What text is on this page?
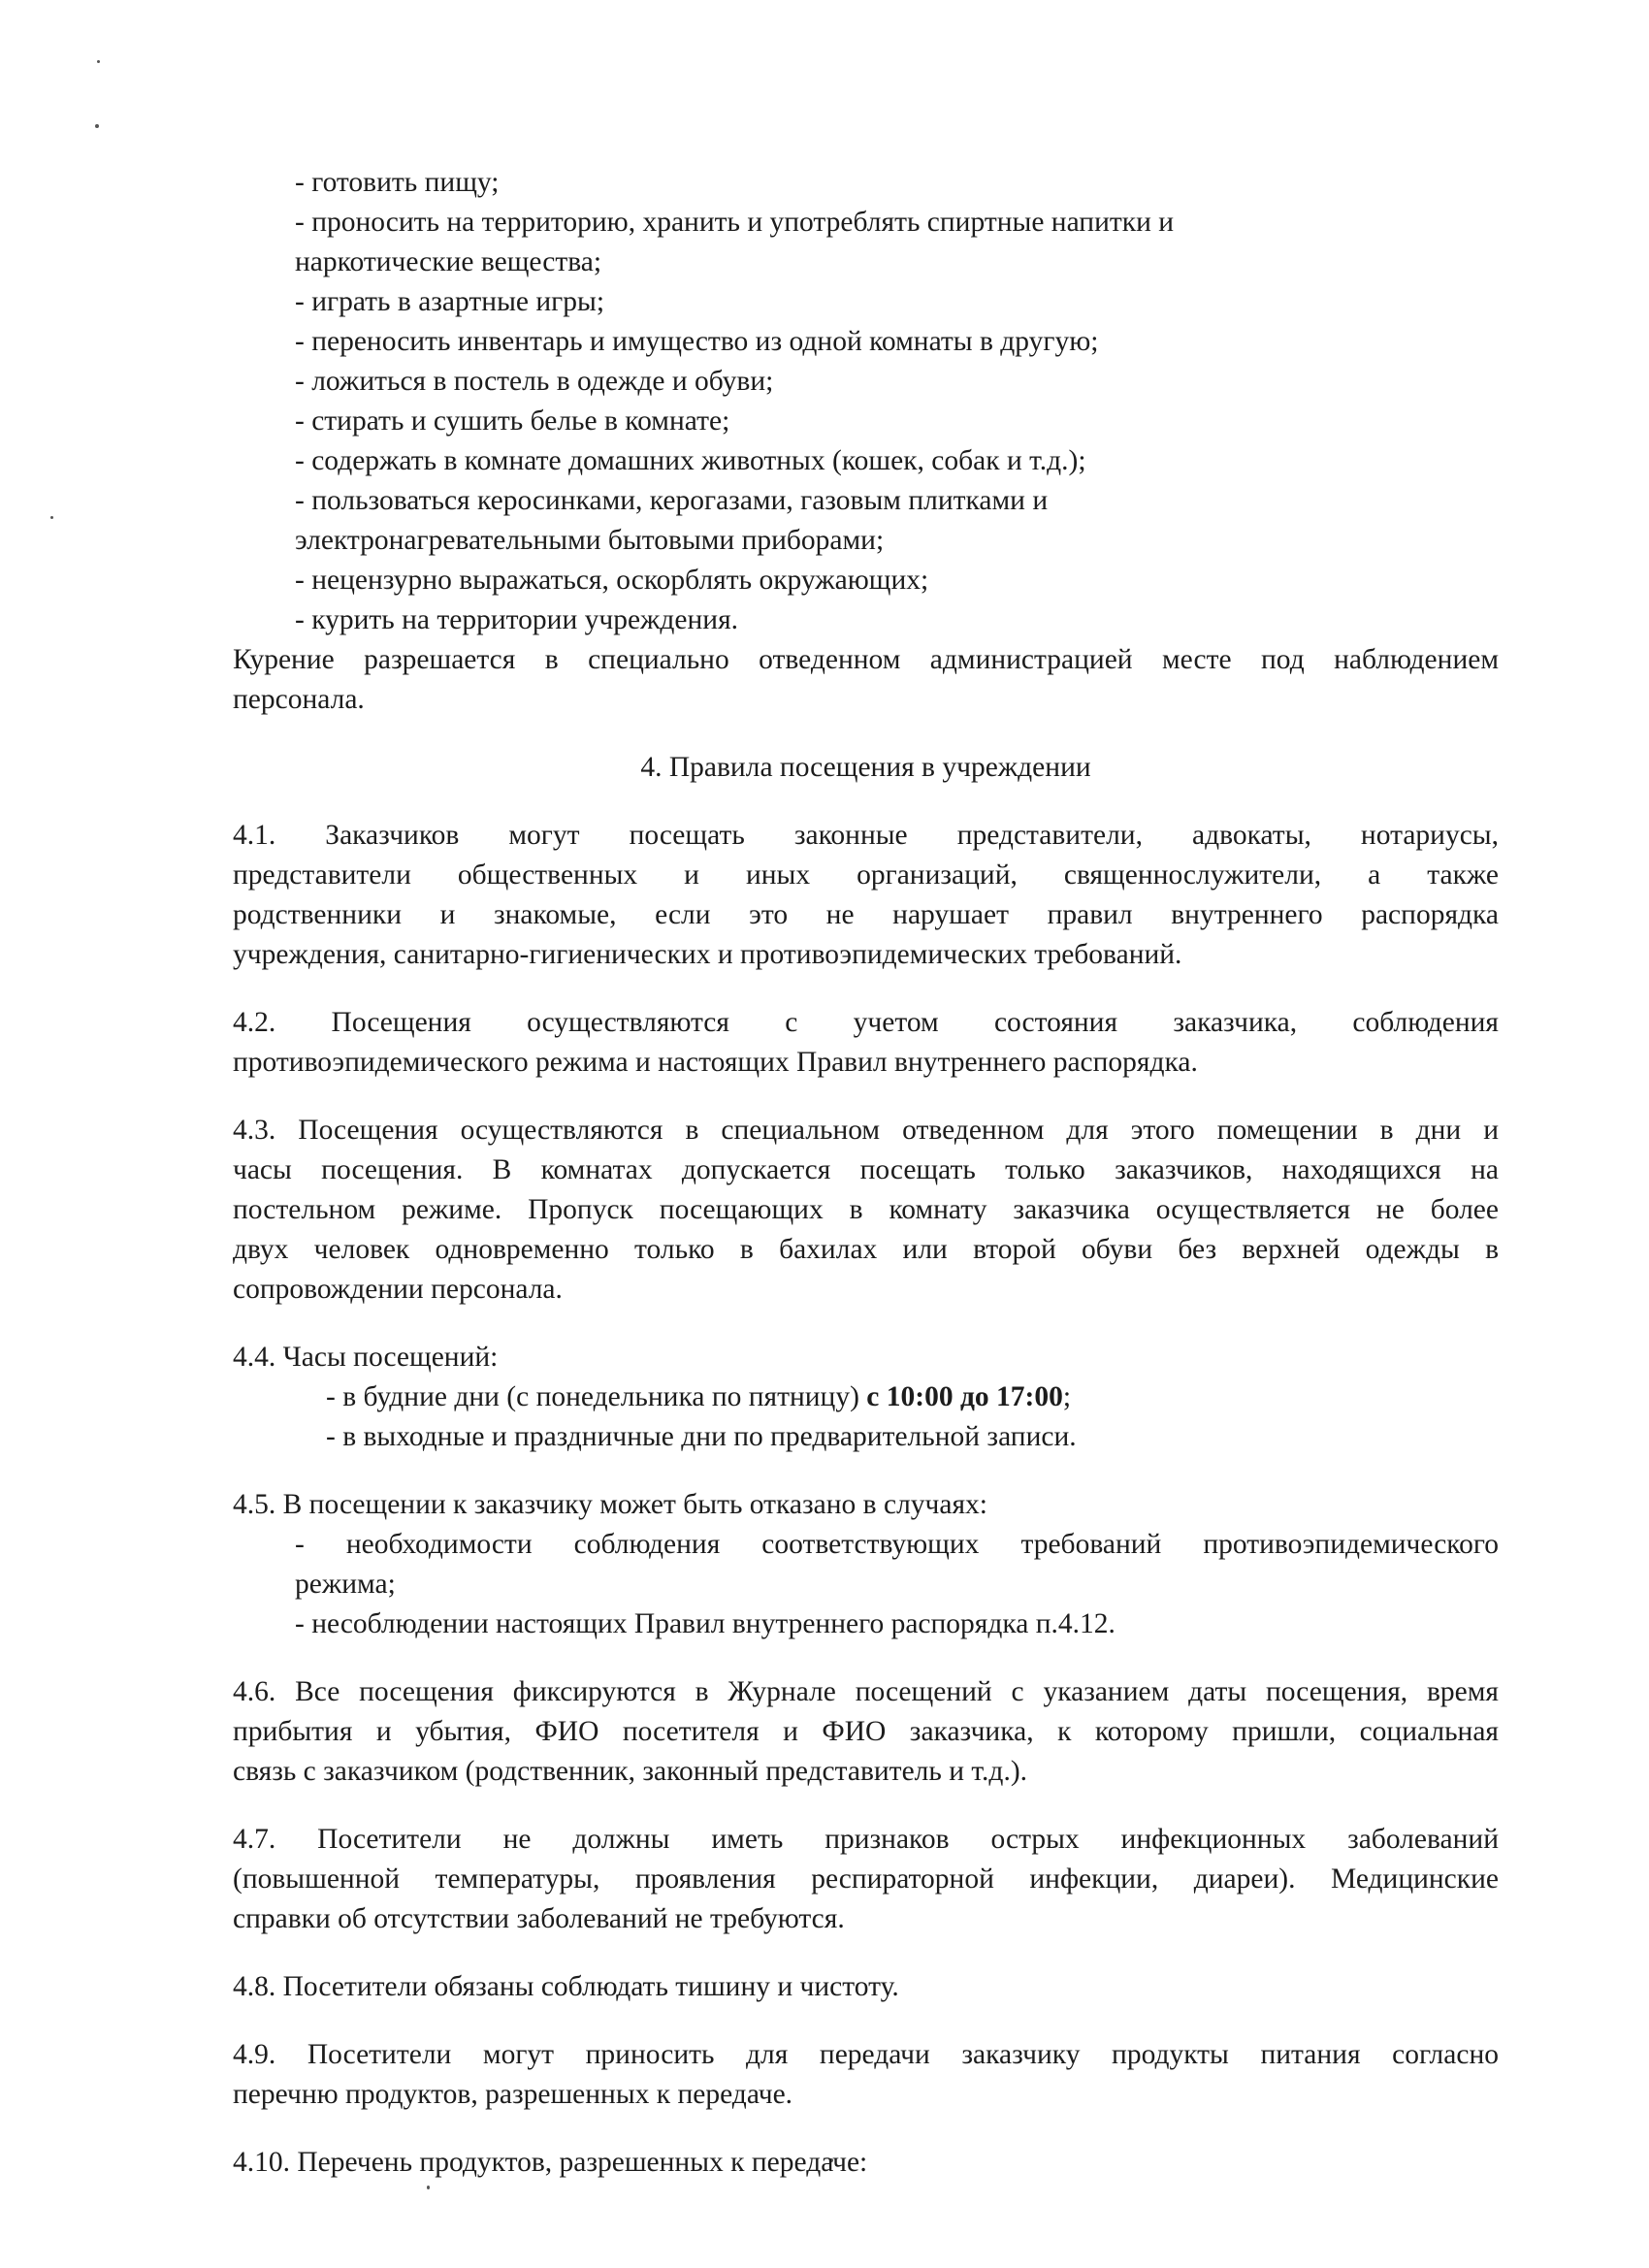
- готовить пищу;

- проносить на территорию, хранить и употреблять спиртные напитки и

наркотические вещества;

- играть в азартные игры;

- переносить инвентарь и имущество из одной комнаты в другую;

- ложиться в постель в одежде и обуви;

- стирать и сушить белье в комнате;

- содержать в комнате домашних животных (кошек, собак и т.д.);

- пользоваться керосинками, керогазами, газовым плитками и

электронагревательными бытовыми приборами;

- нецензурно выражаться, оскорблять окружающих;

- курить на территории учреждения.

Курение разрешается в специально отведенном администрацией месте под наблюдением

персонала.

4. Правила посещения в учреждении

4.1. Заказчиков могут посещать законные представители, адвокаты, нотариусы,

представители общественных и иных организаций, священнослужители, а также

родственники и знакомые, если это не нарушает правил внутреннего распорядка

учреждения, санитарно-гигиенических и противоэпидемических требований.

4.2. Посещения осуществляются с учетом состояния заказчика, соблюдения

противоэпидемического режима и настоящих Правил внутреннего распорядка.

4.3. Посещения осуществляются в специальном отведенном для этого помещении в дни и

часы посещения. В комнатах допускается посещать только заказчиков, находящихся на

постельном режиме. Пропуск посещающих в комнату заказчика осуществляется не более

двух человек одновременно только в бахилах или второй обуви без верхней одежды в

сопровождении персонала.

4.4. Часы посещений:

- в будние дни (с понедельника по пятницу) с 10:00 до 17:00;

- в выходные и праздничные дни по предварительной записи.

4.5. В посещении к заказчику может быть отказано в случаях:

- необходимости соблюдения соответствующих требований противоэпидемического

режима;

- несоблюдении настоящих Правил внутреннего распорядка п.4.12.

4.6. Все посещения фиксируются в Журнале посещений с указанием даты посещения, время

прибытия и убытия, ФИО посетителя и ФИО заказчика, к которому пришли, социальная

связь с заказчиком (родственник, законный представитель и т.д.).

4.7. Посетители не должны иметь признаков острых инфекционных заболеваний

(повышенной температуры, проявления респираторной инфекции, диареи). Медицинские

справки об отсутствии заболеваний не требуются.

4.8. Посетители обязаны соблюдать тишину и чистоту.

4.9. Посетители могут приносить для передачи заказчику продукты питания согласно

перечню продуктов, разрешенных к передаче.

4.10. Перечень продуктов, разрешенных к передаче:
